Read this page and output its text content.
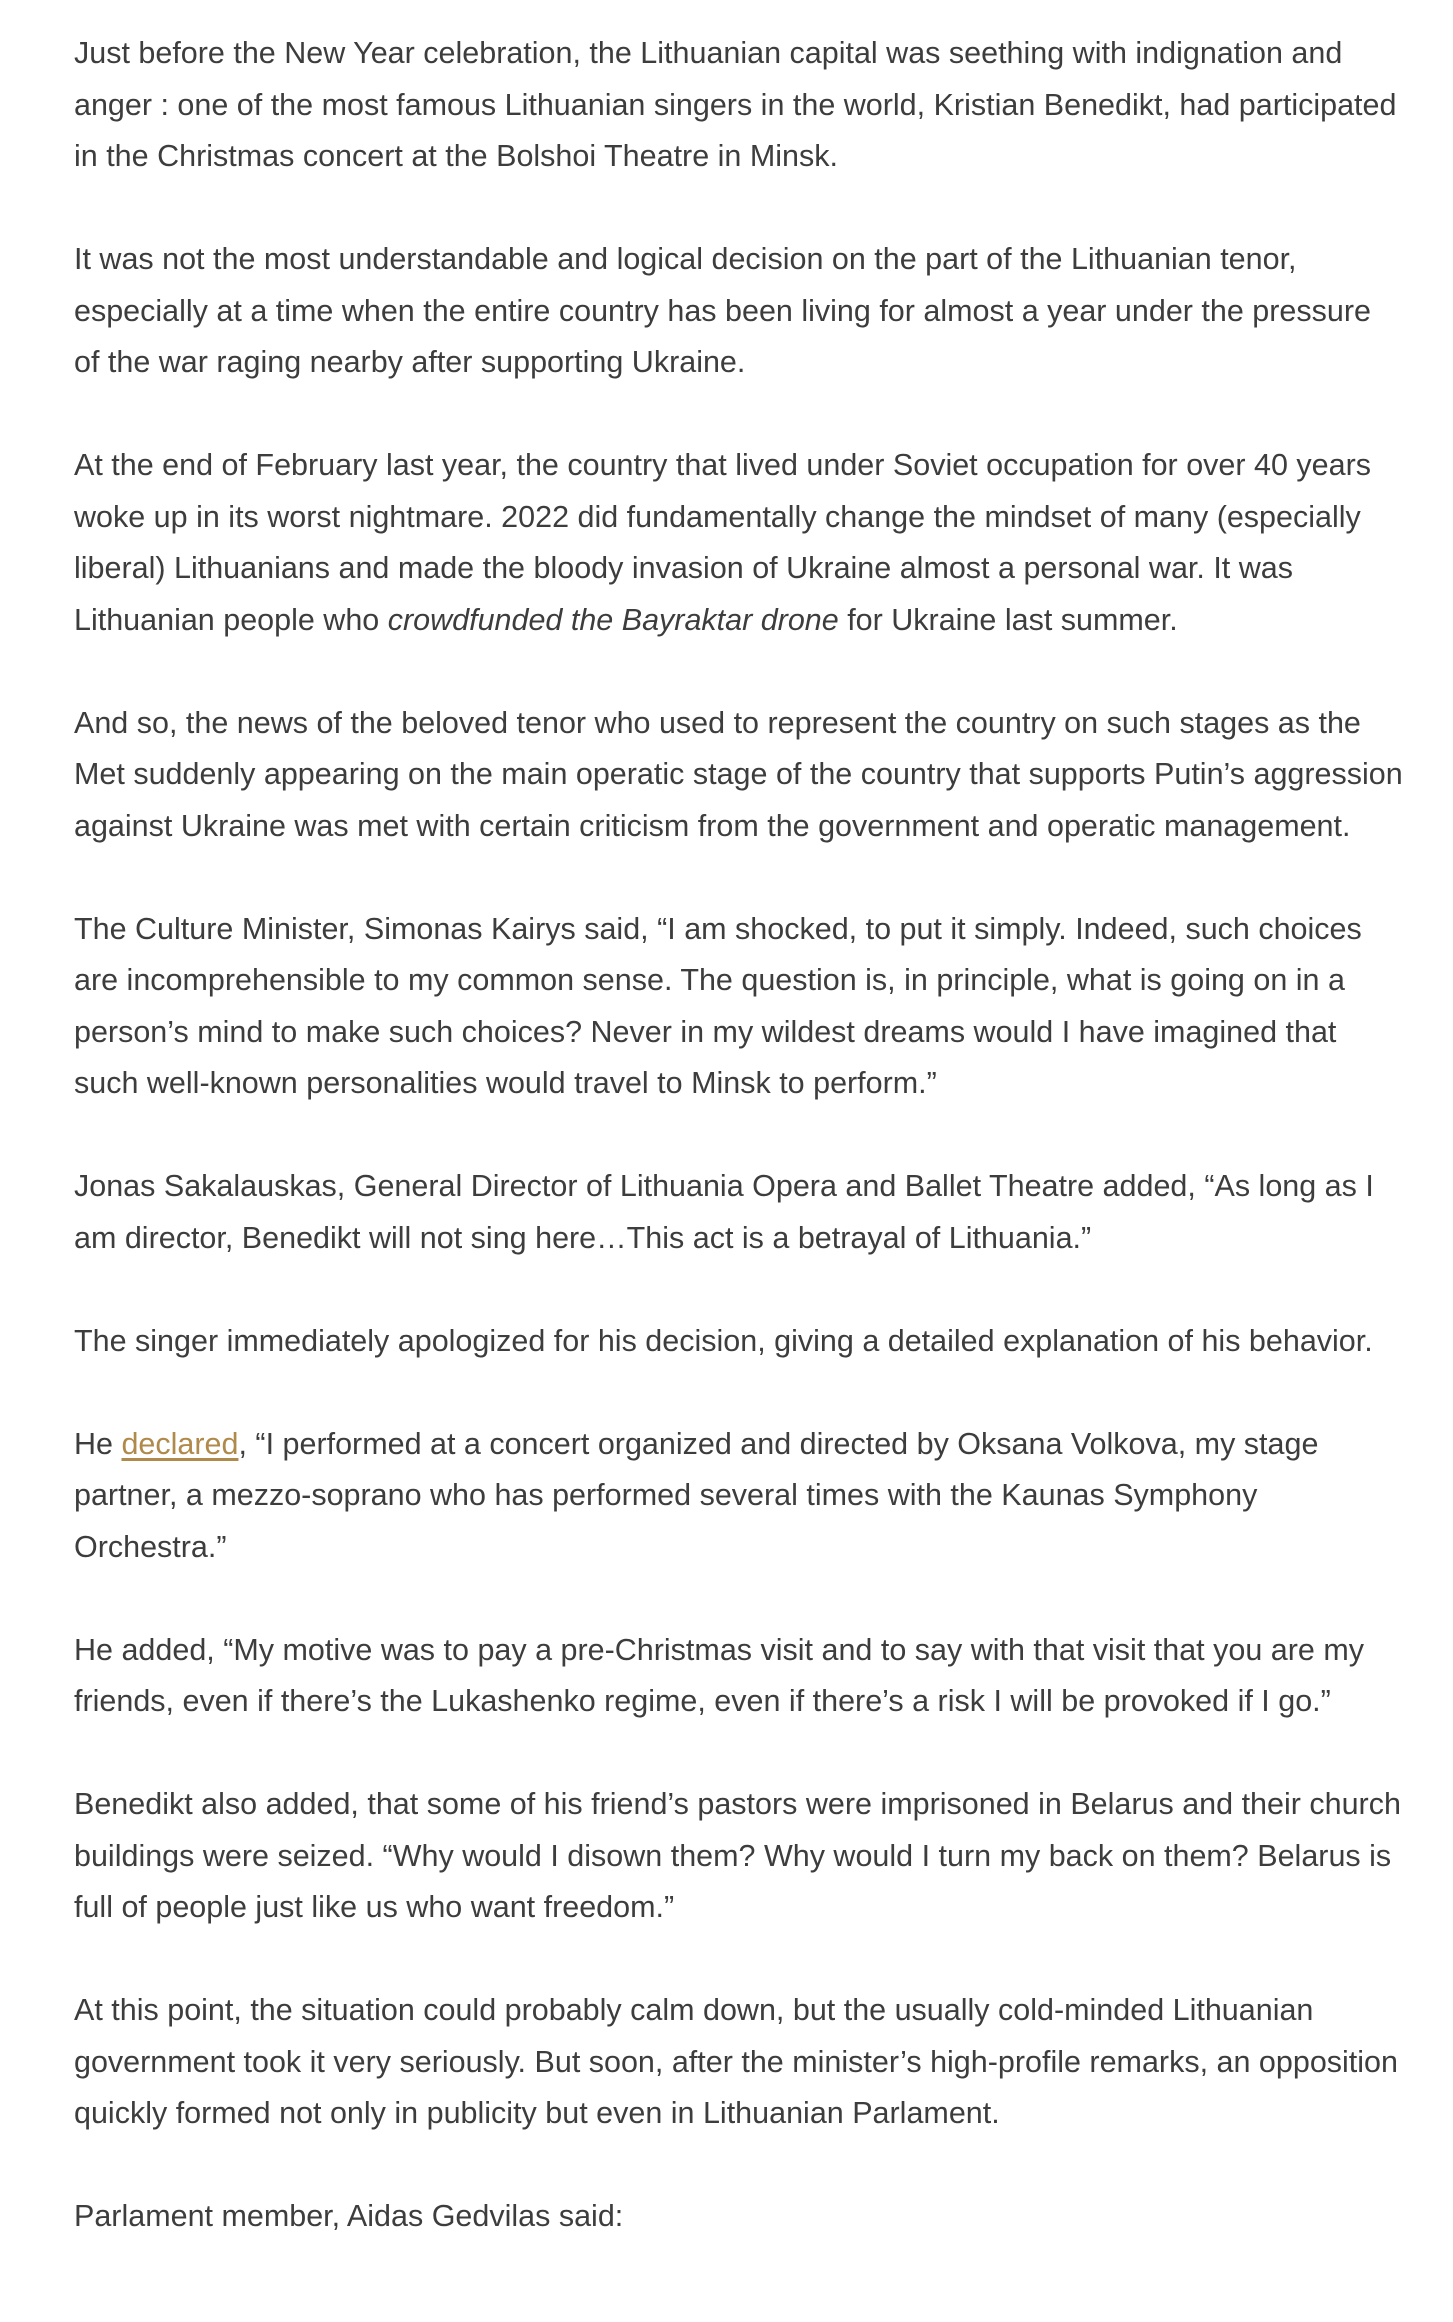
Just before the New Year celebration, the Lithuanian capital was seething with indignation and anger : one of the most famous Lithuanian singers in the world, Kristian Benedikt, had participated in the Christmas concert at the Bolshoi Theatre in Minsk.

It was not the most understandable and logical decision on the part of the Lithuanian tenor, especially at a time when the entire country has been living for almost a year under the pressure of the war raging nearby after supporting Ukraine.

At the end of February last year, the country that lived under Soviet occupation for over 40 years woke up in its worst nightmare. 2022 did fundamentally change the mindset of many (especially liberal) Lithuanians and made the bloody invasion of Ukraine almost a personal war. It was Lithuanian people who crowdfunded the Bayraktar drone for Ukraine last summer.

And so, the news of the beloved tenor who used to represent the country on such stages as the Met suddenly appearing on the main operatic stage of the country that supports Putin’s aggression against Ukraine was met with certain criticism from the government and operatic management.

The Culture Minister, Simonas Kairys said, “I am shocked, to put it simply. Indeed, such choices are incomprehensible to my common sense. The question is, in principle, what is going on in a person’s mind to make such choices? Never in my wildest dreams would I have imagined that such well-known personalities would travel to Minsk to perform.”

Jonas Sakalauskas, General Director of Lithuania Opera and Ballet Theatre added, “As long as I am director, Benedikt will not sing here…This act is a betrayal of Lithuania.”

The singer immediately apologized for his decision, giving a detailed explanation of his behavior.

He declared, “I performed at a concert organized and directed by Oksana Volkova, my stage partner, a mezzo-soprano who has performed several times with the Kaunas Symphony Orchestra.”

He added, “My motive was to pay a pre-Christmas visit and to say with that visit that you are my friends, even if there’s the Lukashenko regime, even if there’s a risk I will be provoked if I go.”

Benedikt also added, that some of his friend’s pastors were imprisoned in Belarus and their church buildings were seized. “Why would I disown them? Why would I turn my back on them? Belarus is full of people just like us who want freedom.”

At this point, the situation could probably calm down, but the usually cold-minded Lithuanian government took it very seriously. But soon, after the minister’s high-profile remarks, an opposition quickly formed not only in publicity but even in Lithuanian Parlament.

Parlament member, Aidas Gedvilas said:
